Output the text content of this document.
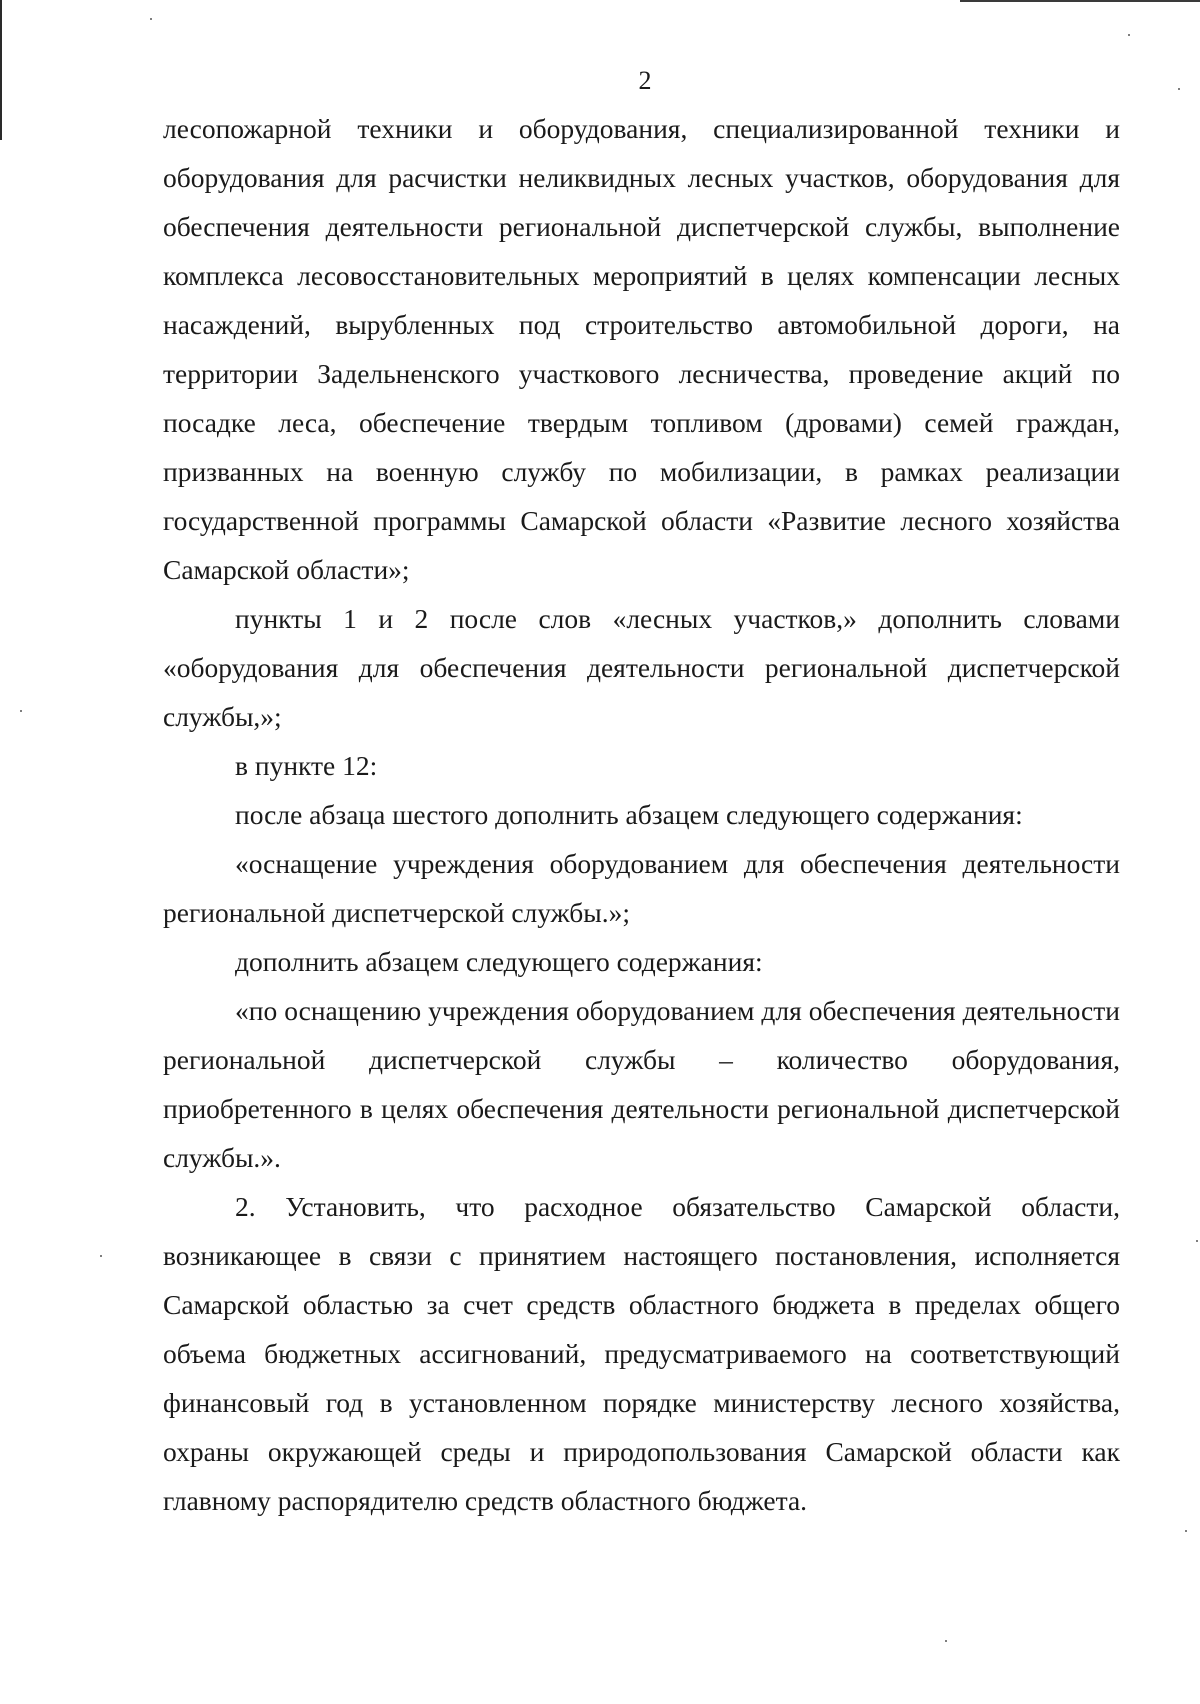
2

лесопожарной техники и оборудования, специализированной техники и оборудования для расчистки неликвидных лесных участков, оборудования для обеспечения деятельности региональной диспетчерской службы, выполнение комплекса лесовосстановительных мероприятий в целях компенсации лесных насаждений, вырубленных под строительство автомобильной дороги, на территории Задельненского участкового лесничества, проведение акций по посадке леса, обеспечение твердым топливом (дровами) семей граждан, призванных на военную службу по мобилизации, в рамках реализации государственной программы Самарской области «Развитие лесного хозяйства Самарской области»;

пункты 1 и 2 после слов «лесных участков,» дополнить словами «оборудования для обеспечения деятельности региональной диспетчерской службы,»;

в пункте 12:

после абзаца шестого дополнить абзацем следующего содержания:

«оснащение учреждения оборудованием для обеспечения деятельности региональной диспетчерской службы.»;

дополнить абзацем следующего содержания:

«по оснащению учреждения оборудованием для обеспечения деятельности региональной диспетчерской службы – количество оборудования, приобретенного в целях обеспечения деятельности региональной диспетчерской службы.».

2. Установить, что расходное обязательство Самарской области, возникающее в связи с принятием настоящего постановления, исполняется Самарской областью за счет средств областного бюджета в пределах общего объема бюджетных ассигнований, предусматриваемого на соответствующий финансовый год в установленном порядке министерству лесного хозяйства, охраны окружающей среды и природопользования Самарской области как главному распорядителю средств областного бюджета.
